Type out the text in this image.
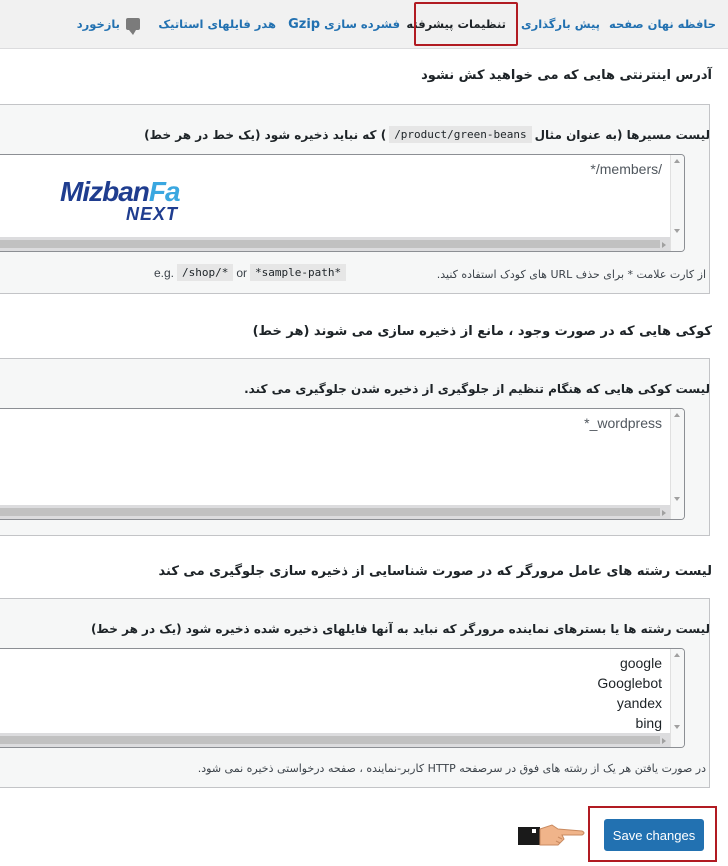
حافظه نهان صفحه
پیش بارگذاری
تنظیمات پیشرفته
فشرده سازی

Gzip
هدر فایلهای استاتیک
بازخورد
آدرس اینترنتی هایی که می خواهید کش نشود
لیست مسیرها (به عنوان مثال
/product/green-beans
) که نباید ذخیره شود (یک خط در هر خط)
*/members/
MizbanFa
NEXT
از کارت علامت * برای حذف URL های کودک استفاده کنید.
e.g. /shop/* or *sample-path*
کوکی هایی که در صورت وجود ، مانع از ذخیره سازی می شوند (هر خط)
لیست کوکی هایی که هنگام تنظیم از جلوگیری از ذخیره شدن جلوگیری می کند.
*_wordpress
لیست رشته های عامل مرورگر که در صورت شناسایی از ذخیره سازی جلوگیری می کند
لیست رشته ها یا بسترهای نماینده مرورگر که نباید به آنها فایلهای ذخیره شده ذخیره شود (یک در هر خط)
google
Googlebot
yandex
bing
در صورت یافتن هر یک از رشته های فوق در سرصفحه HTTP کاربر-نماینده ، صفحه درخواستی ذخیره نمی شود.
Save changes
